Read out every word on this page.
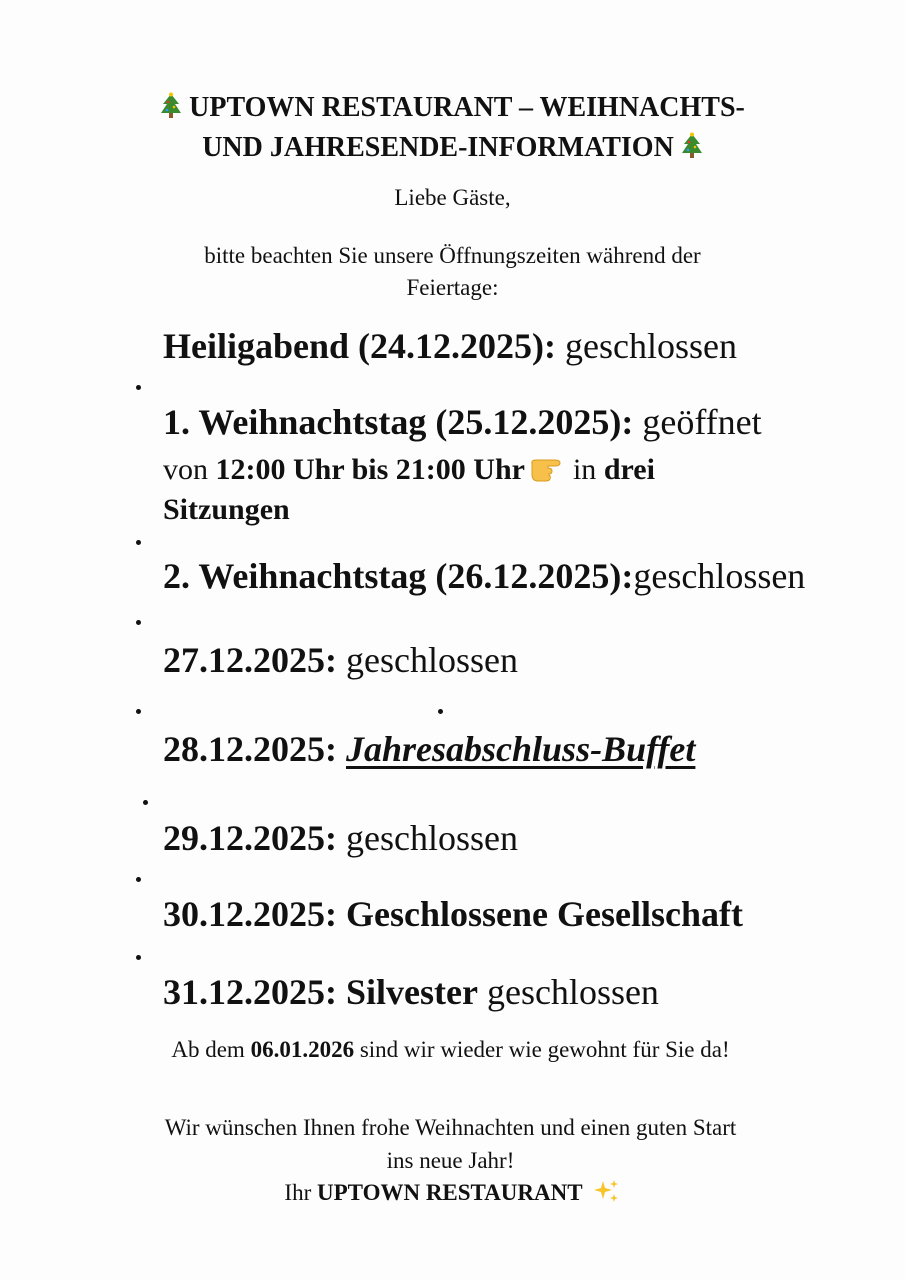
UPTOWN RESTAURANT – WEIHNACHTS-
UND JAHRESENDE-INFORMATION
Liebe Gäste,
bitte beachten Sie unsere Öffnungszeiten während der
Feiertage:
Heiligabend (24.12.2025): geschlossen
1. Weihnachtstag (25.12.2025): geöffnet
von 12:00 Uhr bis 21:00 Uhr in drei
Sitzungen
2. Weihnachtstag (26.12.2025):geschlossen
27.12.2025: geschlossen
28.12.2025: Jahresabschluss-Buffet
29.12.2025: geschlossen
30.12.2025: Geschlossene Gesellschaft
31.12.2025: Silvester geschlossen
Ab dem 06.01.2026 sind wir wieder wie gewohnt für Sie da!
Wir wünschen Ihnen frohe Weihnachten und einen guten Start
ins neue Jahr!
Ihr UPTOWN RESTAURANT
